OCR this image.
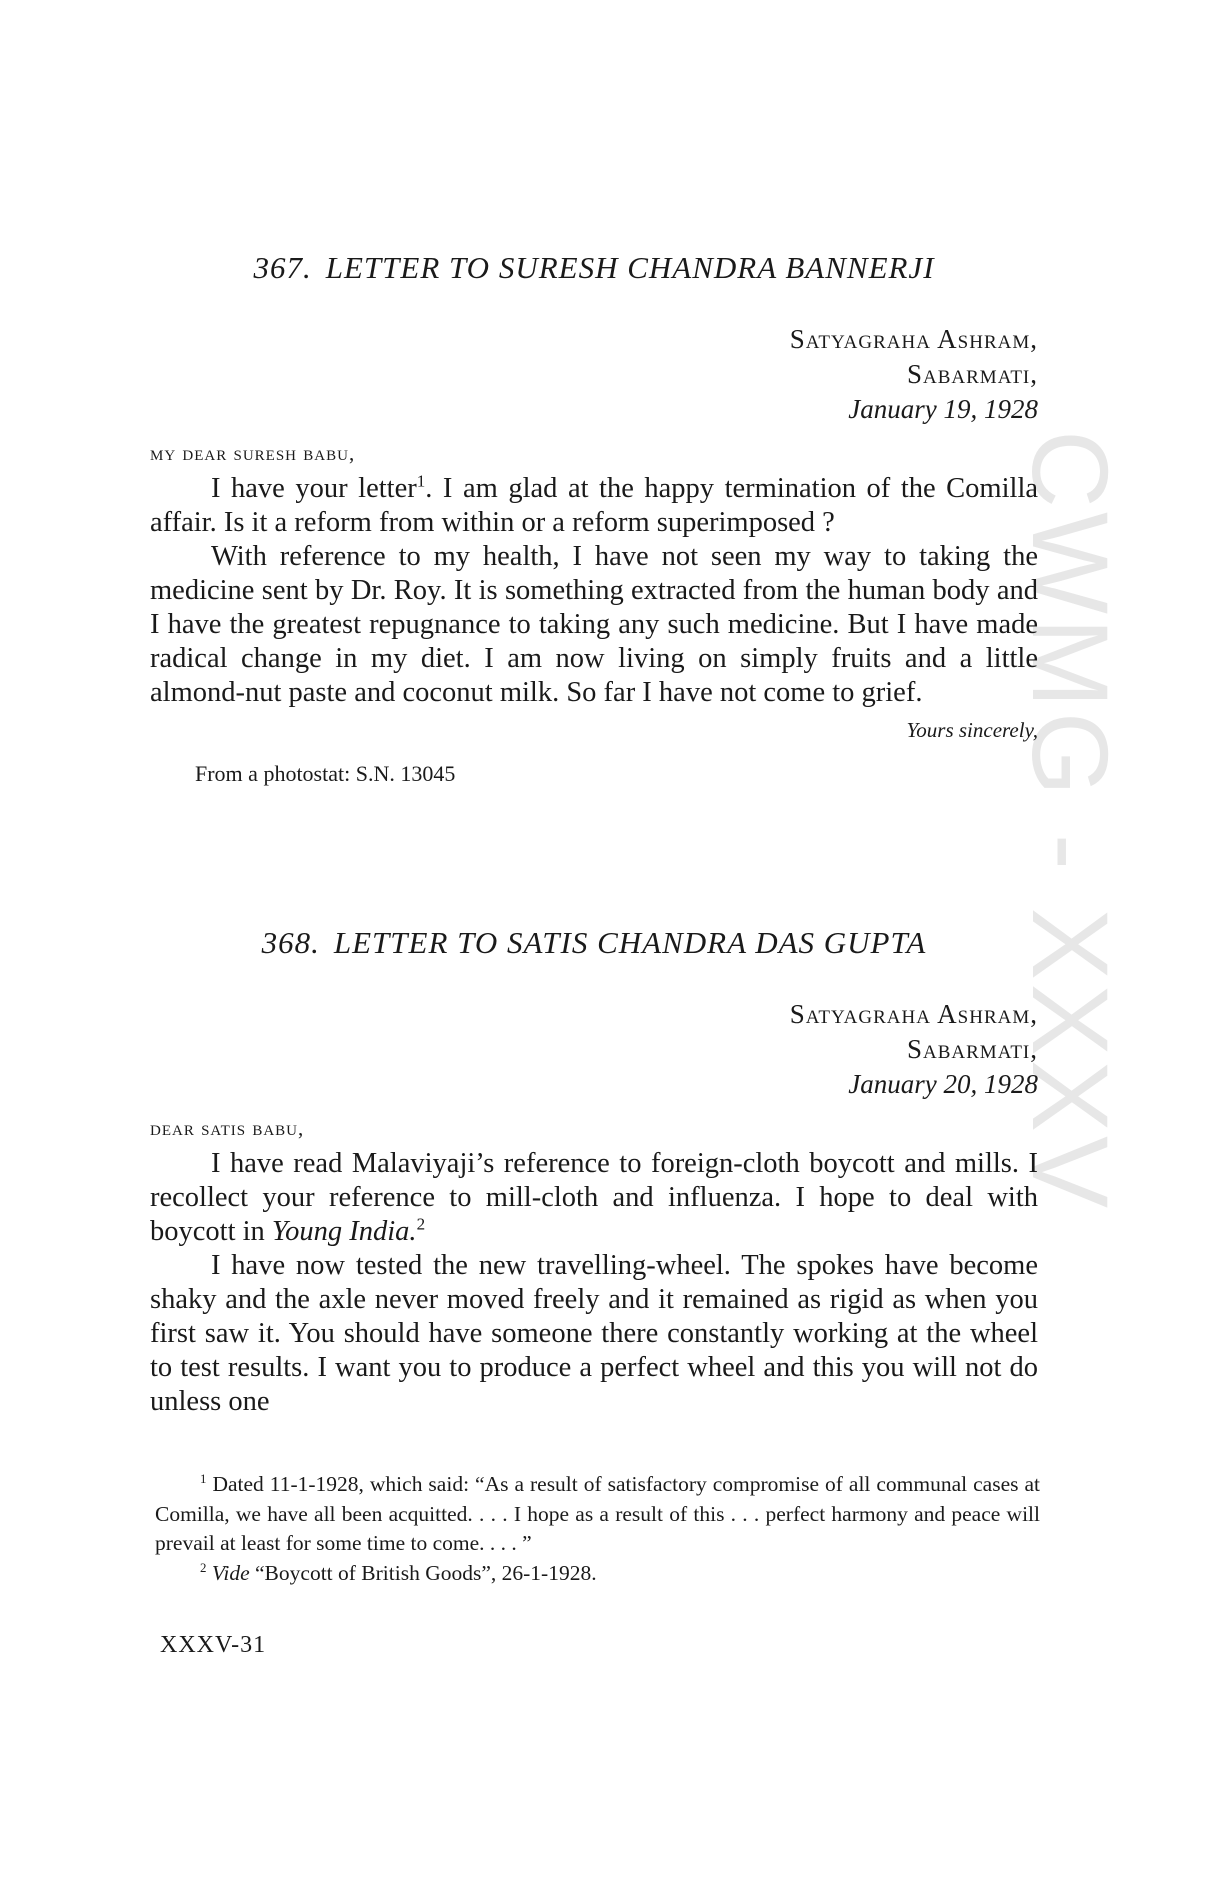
CWMG - XXXV
367. LETTER TO SURESH CHANDRA BANNERJI
Satyagraha Ashram,
Sabarmati,
January 19, 1928
my dear suresh babu,

I have your letter$^1$. I am glad at the happy termination of the Comilla affair. Is it a reform from within or a reform superimposed ?

With reference to my health, I have not seen my way to taking the medicine sent by Dr. Roy. It is something extracted from the human body and I have the greatest repugnance to taking any such medicine. But I have made radical change in my diet. I am now living on simply fruits and a little almond-nut paste and coconut milk. So far I have not come to grief.

Yours sincerely,
From a photostat: S.N. 13045
368. LETTER TO SATIS CHANDRA DAS GUPTA
Satyagraha Ashram,
Sabarmati,
January 20, 1928
dear satis babu,

I have read Malaviyaji’s reference to foreign-cloth boycott and mills. I recollect your reference to mill-cloth and influenza. I hope to deal with boycott in Young India.$^2$

I have now tested the new travelling-wheel. The spokes have become shaky and the axle never moved freely and it remained as rigid as when you first saw it. You should have someone there constantly working at the wheel to test results. I want you to produce a perfect wheel and this you will not do unless one

$^1$ Dated 11-1-1928, which said: “As a result of satisfactory compromise of all communal cases at Comilla, we have all been acquitted. . . . I hope as a result of this . . . perfect harmony and peace will prevail at least for some time to come. . . . ”

$^2$ Vide “Boycott of British Goods”, 26-1-1928.

XXXV-31
